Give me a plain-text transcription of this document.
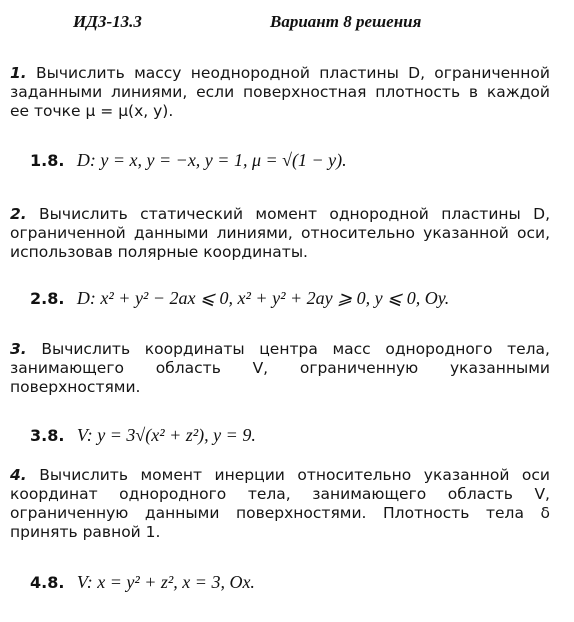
ИДЗ-13.3	Вариант 8 решения

1. Вычислить массу неоднородной пластины D, ограниченной заданными линиями, если поверхностная плотность в каждой ее точке μ = μ(x, y).

1.8. D: y = x, y = −x, y = 1, μ = √(1 − y).

2. Вычислить статический момент однородной пластины D, ограниченной данными линиями, относительно указанной оси, использовав полярные координаты.

2.8. D: x² + y² − 2ax ⩽ 0, x² + y² + 2ay ⩾ 0, y ⩽ 0, Oy.

3. Вычислить координаты центра масс однородного тела, занимающего область V, ограниченную указанными поверхностями.

3.8. V: y = 3√(x² + z²), y = 9.

4. Вычислить момент инерции относительно указанной оси координат однородного тела, занимающего область V, ограниченную данными поверхностями. Плотность тела δ принять равной 1.

4.8. V: x = y² + z², x = 3, Ox.
